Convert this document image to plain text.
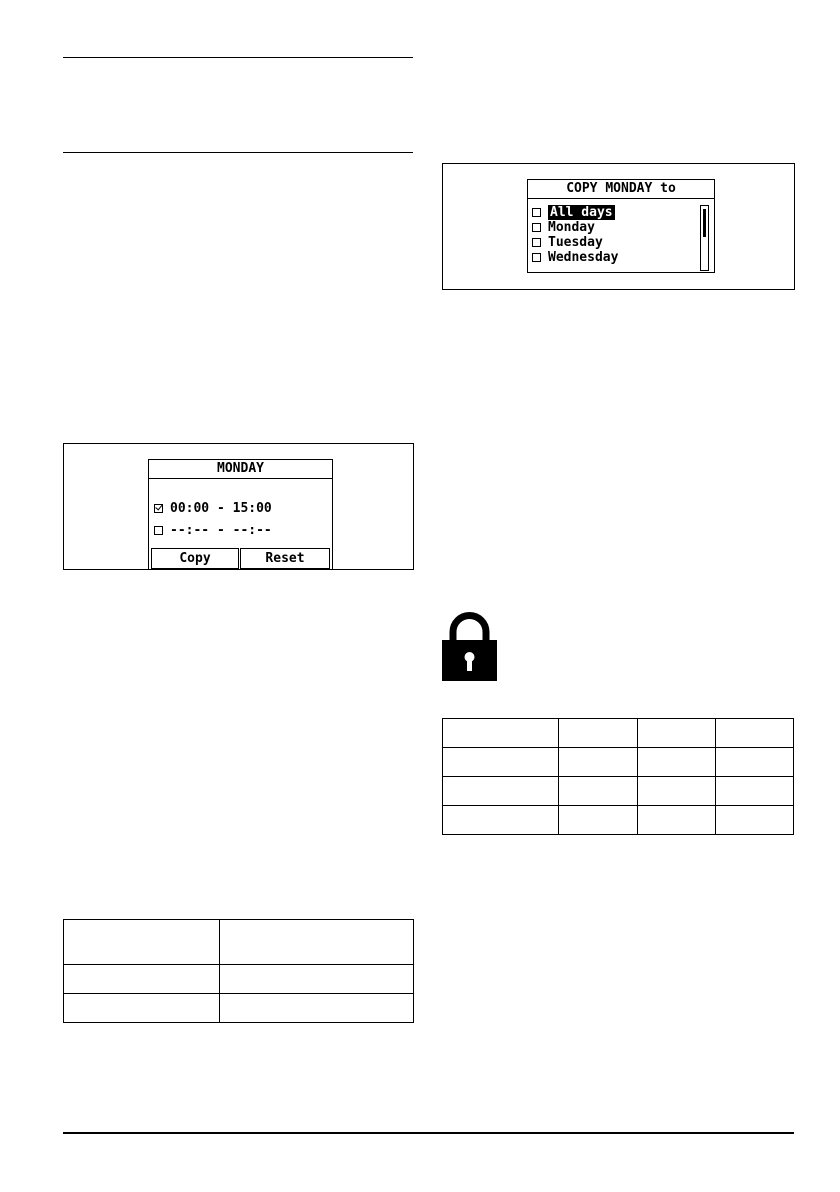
MONDAY
00:00 - 15:00
--:-- - --:--
Copy	Reset
COPY MONDAY to
All days
Monday
Tuesday
Wednesday
